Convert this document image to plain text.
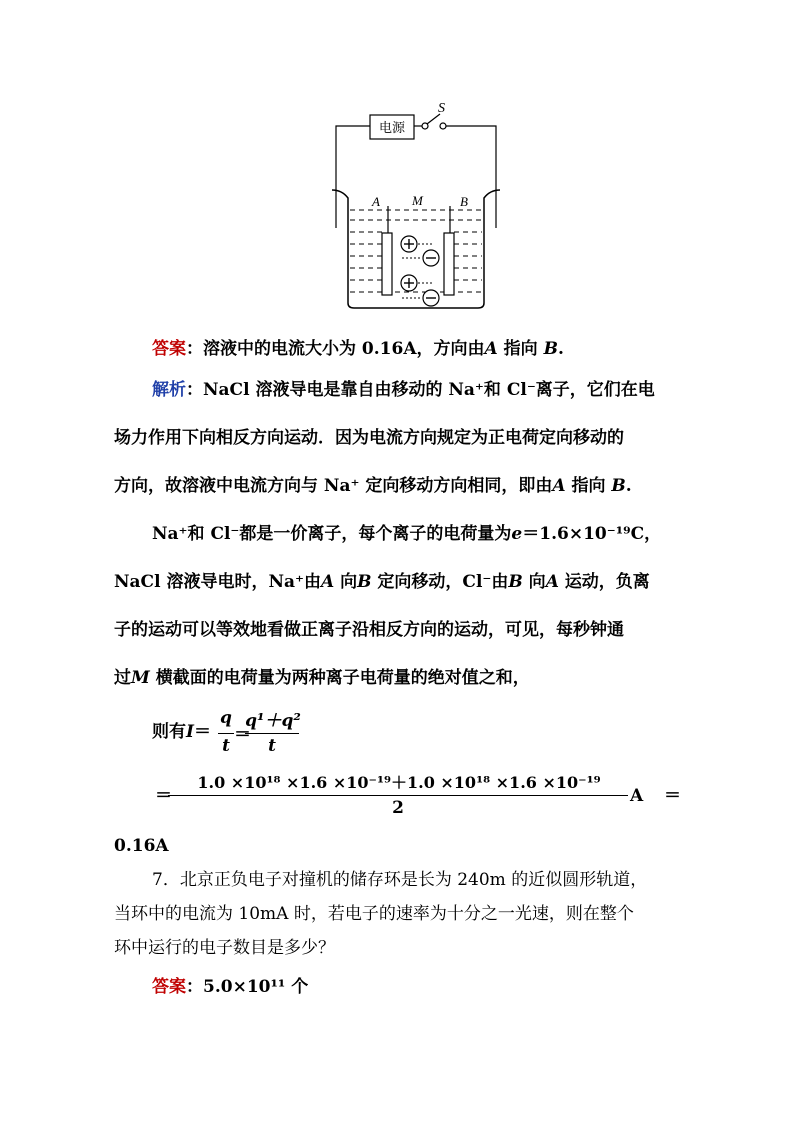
电源
S
A M	B
答案：溶液中的电流大小为 0.16A，方向由A 指向 B.
解析：NaCl 溶液导电是靠自由移动的 Na⁺和 Cl⁻离子，它们在电
场力作用下向相反方向运动．因为电流方向规定为正电荷定向移动的
方向，故溶液中电流方向与 Na⁺ 定向移动方向相同，即由A 指向 B.
Na⁺和 Cl⁻都是一价离子，每个离子的电荷量为e＝1.6×10⁻¹⁹C，
NaCl 溶液导电时，Na⁺由A 向B 定向移动，Cl⁻由B 向A 运动，负离
子的运动可以等效地看做正离子沿相反方向的运动，可见，每秒钟通
过M 横截面的电荷量为两种离子电荷量的绝对值之和，
则有I＝
q
t
＝
q¹＋q²
t
＝
1.0 ×10¹⁸ ×1.6 ×10⁻¹⁹＋1.0 ×10¹⁸ ×1.6 ×10⁻¹⁹
2
A ＝
0.16A
7．北京正负电子对撞机的储存环是长为 240m 的近似圆形轨道，
当环中的电流为 10mA 时，若电子的速率为十分之一光速，则在整个
环中运行的电子数目是多少？
答案：5.0×10¹¹ 个
